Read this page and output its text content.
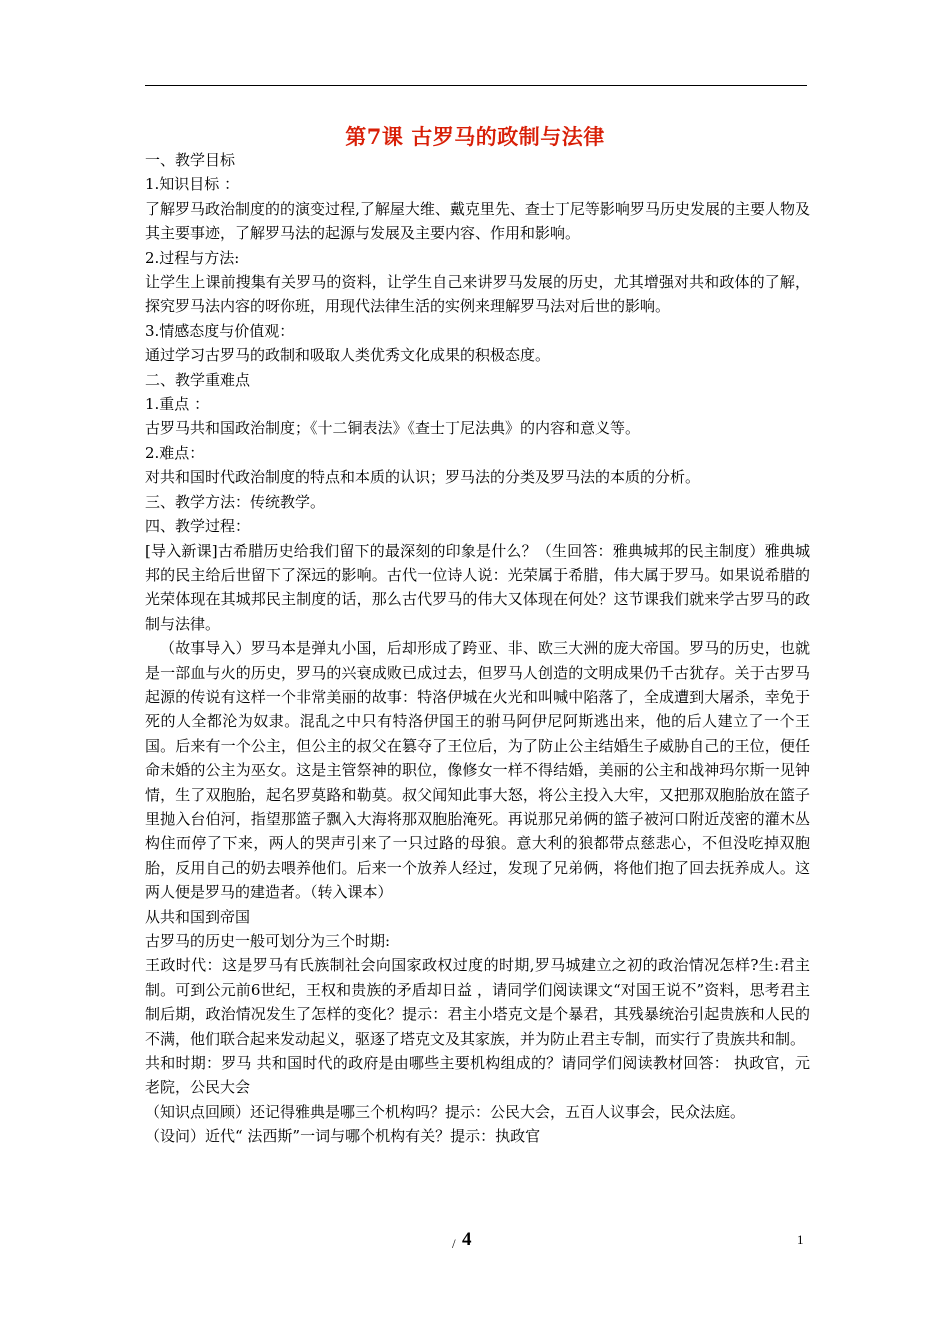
第7课 古罗马的政制与法律

一、教学目标

1.知识目标 ：

了解罗马政治制度的的演变过程,了解屋大维、戴克里先、查士丁尼等影响罗马历史发展的主要人物及其主要事迹，了解罗马法的起源与发展及主要内容、作用和影响。

2.过程与方法:

让学生上课前搜集有关罗马的资料，让学生自己来讲罗马发展的历史，尤其增强对共和政体的了解，探究罗马法内容的呀你班，用现代法律生活的实例来理解罗马法对后世的影响。

3.情感态度与价值观：

通过学习古罗马的政制和吸取人类优秀文化成果的积极态度。

二、教学重难点

1.重点 ：

古罗马共和国政治制度；《十二铜表法》《查士丁尼法典》的内容和意义等。

2.难点：

对共和国时代政治制度的特点和本质的认识；罗马法的分类及罗马法的本质的分析。

三、教学方法：传统教学。

四、教学过程：

[导入新课]古希腊历史给我们留下的最深刻的印象是什么？（生回答：雅典城邦的民主制度）雅典城邦的民主给后世留下了深远的影响。古代一位诗人说：光荣属于希腊，伟大属于罗马。如果说希腊的光荣体现在其城邦民主制度的话，那么古代罗马的伟大又体现在何处？这节课我们就来学古罗马的政制与法律。

（故事导入）罗马本是弹丸小国，后却形成了跨亚、非、欧三大洲的庞大帝国。罗马的历史，也就是一部血与火的历史，罗马的兴衰成败已成过去，但罗马人创造的文明成果仍千古犹存。关于古罗马起源的传说有这样一个非常美丽的故事：特洛伊城在火光和叫喊中陷落了，全成遭到大屠杀，幸免于死的人全都沦为奴隶。混乱之中只有特洛伊国王的驸马阿伊尼阿斯逃出来，他的后人建立了一个王国。后来有一个公主，但公主的叔父在篡夺了王位后，为了防止公主结婚生子威胁自己的王位，便任命未婚的公主为巫女。这是主管祭神的职位，像修女一样不得结婚，美丽的公主和战神玛尔斯一见钟情，生了双胞胎，起名罗莫路和勒莫。叔父闻知此事大怒，将公主投入大牢，又把那双胞胎放在篮子里抛入台伯河，指望那篮子飘入大海将那双胞胎淹死。再说那兄弟俩的篮子被河口附近茂密的灌木丛构住而停了下来，两人的哭声引来了一只过路的母狼。意大利的狼都带点慈悲心，不但没吃掉双胞胎，反用自己的奶去喂养他们。后来一个放养人经过，发现了兄弟俩，将他们抱了回去抚养成人。这两人便是罗马的建造者。（转入课本）

从共和国到帝国

古罗马的历史一般可划分为三个时期:

王政时代：这是罗马有氏族制社会向国家政权过度的时期,罗马城建立之初的政治情况怎样?生:君主制。可到公元前6世纪，王权和贵族的矛盾却日益 ，请同学们阅读课文“对国王说不”资料，思考君主制后期，政治情况发生了怎样的变化？提示：君主小塔克文是个暴君，其残暴统治引起贵族和人民的不满，他们联合起来发动起义，驱逐了塔克文及其家族，并为防止君主专制，而实行了贵族共和制。

共和时期：罗马 共和国时代的政府是由哪些主要机构组成的？请同学们阅读教材回答： 执政官，元老院，公民大会

（知识点回顾）还记得雅典是哪三个机构吗？提示：公民大会，五百人议事会，民众法庭。

（设问）近代“ 法西斯”一词与哪个机构有关？提示：执政官

/ 4	1
